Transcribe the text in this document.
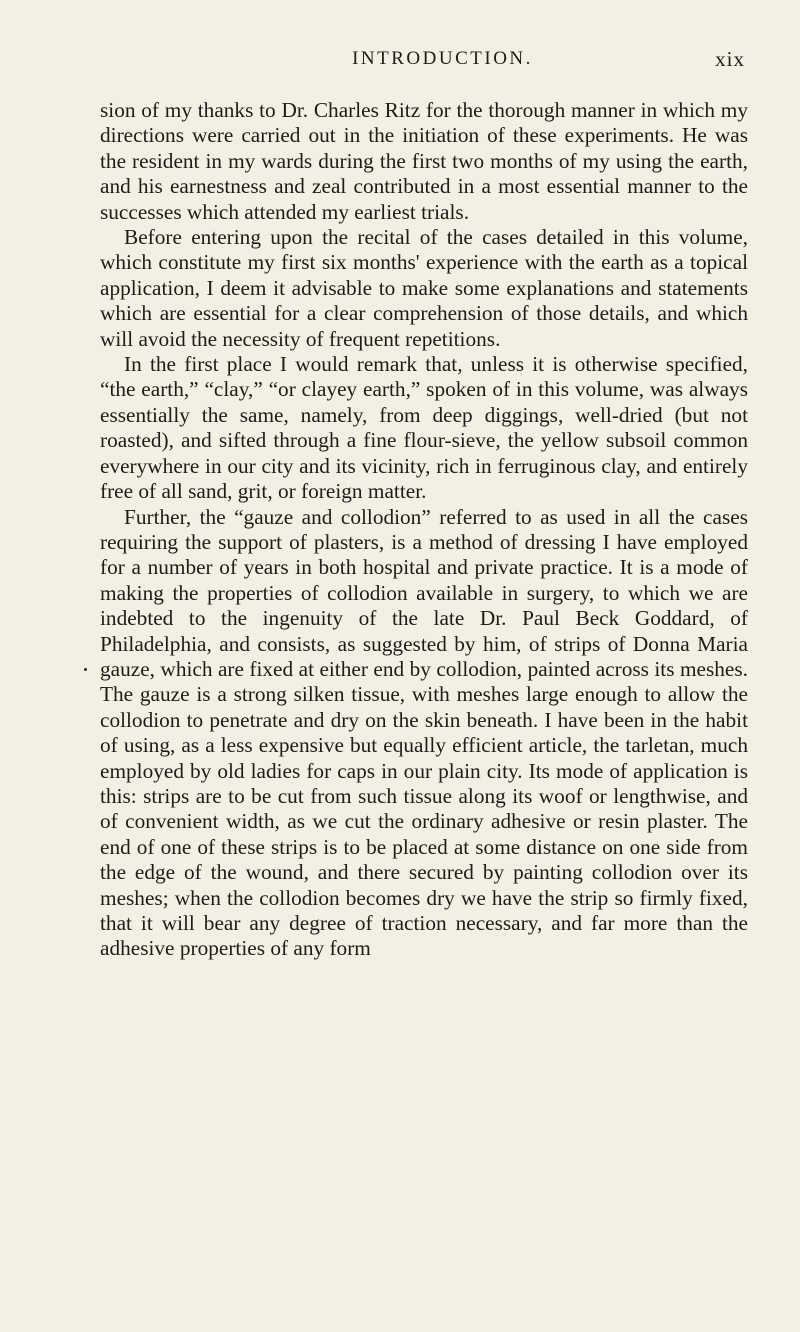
INTRODUCTION.	xix

sion of my thanks to Dr. Charles Ritz for the thorough manner in which my directions were carried out in the initiation of these experiments. He was the resident in my wards during the first two months of my using the earth, and his earnestness and zeal contributed in a most essential manner to the successes which attended my earliest trials.

Before entering upon the recital of the cases detailed in this volume, which constitute my first six months' experience with the earth as a topical application, I deem it advisable to make some explanations and statements which are essential for a clear comprehension of those details, and which will avoid the necessity of frequent repetitions.

In the first place I would remark that, unless it is otherwise specified, “the earth,” “clay,” “or clayey earth,” spoken of in this volume, was always essentially the same, namely, from deep diggings, well-dried (but not roasted), and sifted through a fine flour-sieve, the yellow subsoil common everywhere in our city and its vicinity, rich in ferruginous clay, and entirely free of all sand, grit, or foreign matter.

Further, the “gauze and collodion” referred to as used in all the cases requiring the support of plasters, is a method of dressing I have employed for a number of years in both hospital and private practice. It is a mode of making the properties of collodion available in surgery, to which we are indebted to the ingenuity of the late Dr. Paul Beck Goddard, of Philadelphia, and consists, as suggested by him, of strips of Donna Maria gauze, which are fixed at either end by collodion, painted across its meshes. The gauze is a strong silken tissue, with meshes large enough to allow the collodion to penetrate and dry on the skin beneath. I have been in the habit of using, as a less expensive but equally efficient article, the tarletan, much employed by old ladies for caps in our plain city. Its mode of application is this: strips are to be cut from such tissue along its woof or lengthwise, and of convenient width, as we cut the ordinary adhesive or resin plaster. The end of one of these strips is to be placed at some distance on one side from the edge of the wound, and there secured by painting collodion over its meshes; when the collodion becomes dry we have the strip so firmly fixed, that it will bear any degree of traction necessary, and far more than the adhesive properties of any form
